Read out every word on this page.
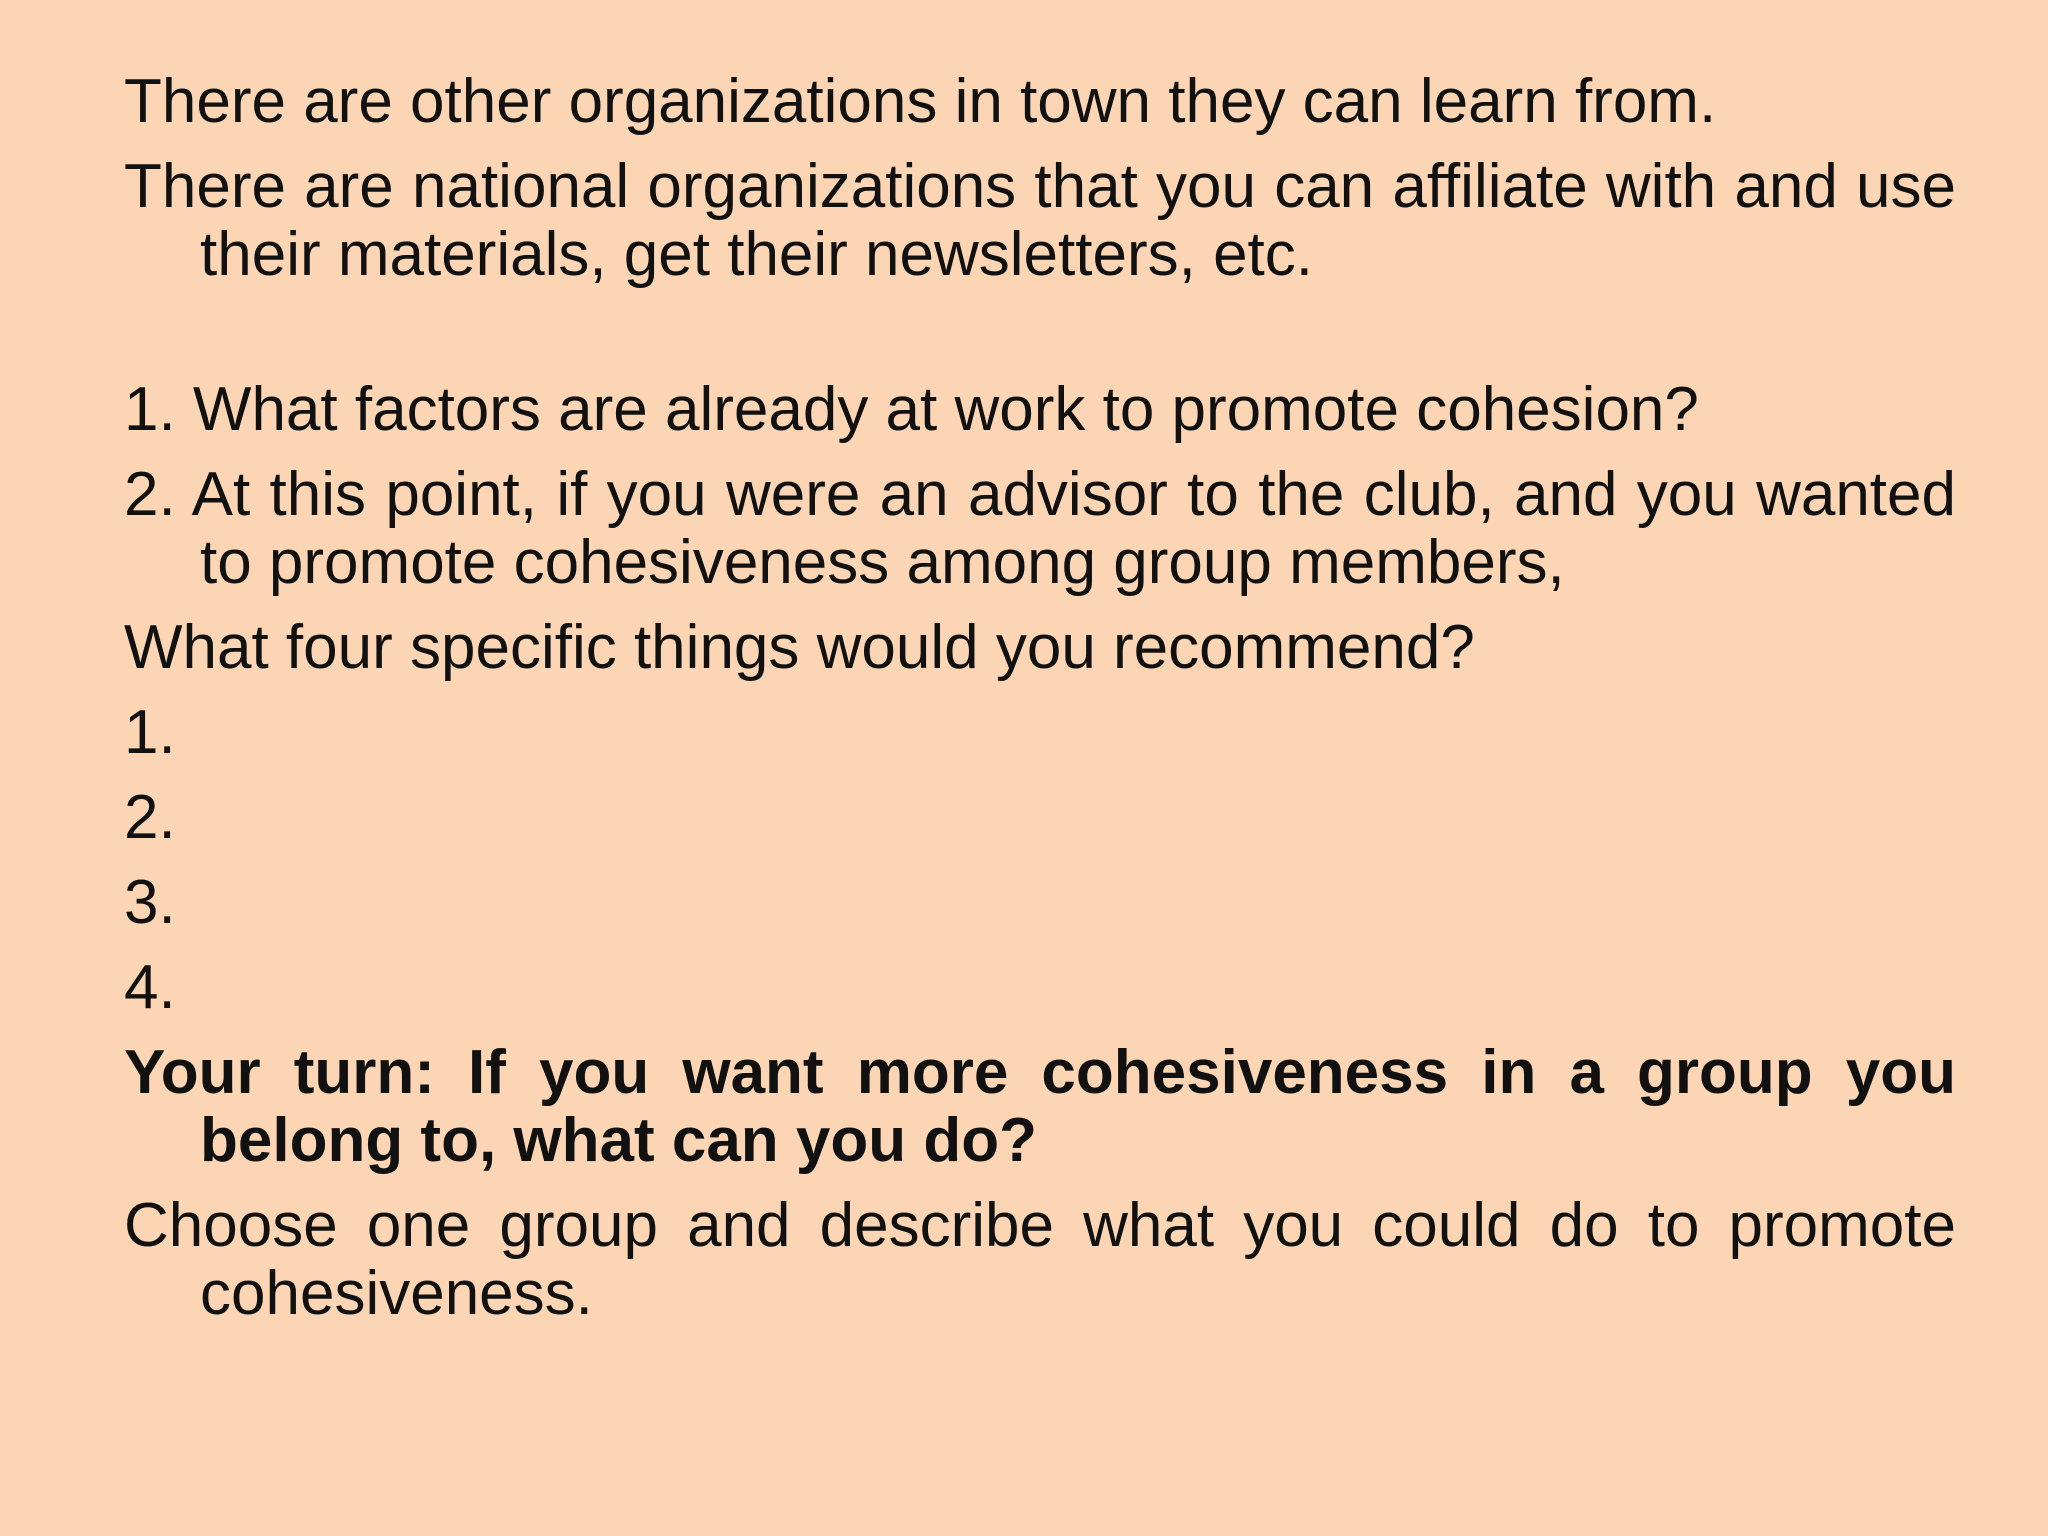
There are other organizations in town they can learn from.

There are national organizations that you can affiliate with and use their materials, get their newsletters, etc.

1. What factors are already at work to promote cohesion?

2. At this point, if you were an advisor to the club, and you wanted to promote cohesiveness among group members,

What four specific things would you recommend?

1.

2.

3.

4.

Your turn: If you want more cohesiveness in a group you belong to, what can you do?

Choose one group and describe what you could do to promote cohesiveness.
